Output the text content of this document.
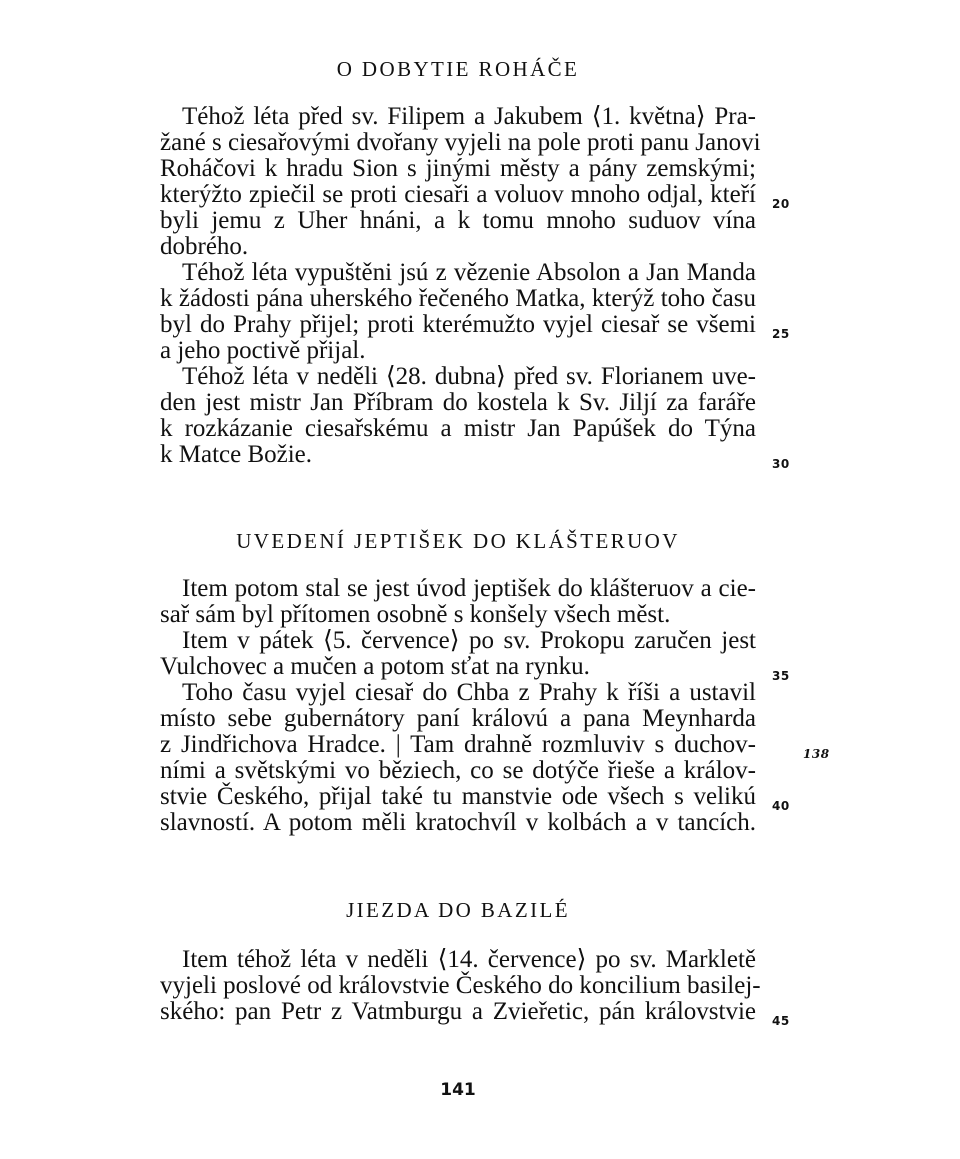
O DOBYTIE ROHÁČE
Téhož léta před sv. Filipem a Jakubem ⟨1. května⟩ Pra-
žané s ciesařovými dvořany vyjeli na pole proti panu Janovi
Roháčovi k hradu Sion s jinými městy a pány zemskými;
kterýžto zpiečil se proti ciesaři a voluov mnoho odjal, kteří
byli jemu z Uher hnáni, a k tomu mnoho suduov vína
dobrého.
Téhož léta vypuštěni jsú z vězenie Absolon a Jan Manda
k žádosti pána uherského řečeného Matka, kterýž toho času
byl do Prahy přijel; proti kterémužto vyjel ciesař se všemi
a jeho poctivě přijal.
Téhož léta v neděli ⟨28. dubna⟩ před sv. Florianem uve-
den jest mistr Jan Příbram do kostela k Sv. Jiljí za faráře
k rozkázanie ciesařskému a mistr Jan Papúšek do Týna
k Matce Božie.
UVEDENÍ JEPTIŠEK DO KLÁŠTERUOV
Item potom stal se jest úvod jeptišek do klášteruov a cie-
sař sám byl přítomen osobně s konšely všech měst.
Item v pátek ⟨5. července⟩ po sv. Prokopu zaručen jest
Vulchovec a mučen a potom sťat na rynku.
Toho času vyjel ciesař do Chba z Prahy k říši a ustavil
místo sebe gubernátory paní královú a pana Meynharda
z Jindřichova Hradce. | Tam drahně rozmluviv s duchov-
ními a světskými vo běziech, co se dotýče řieše a králov-
stvie Českého, přijal také tu manstvie ode všech s velikú
slavností. A potom měli kratochvíl v kolbách a v tancích.
JIEZDA DO BAZILÉ
Item téhož léta v neděli ⟨14. července⟩ po sv. Markletě
vyjeli poslové od královstvie Českého do koncilium basilej-
ského: pan Petr z Vatmburgu a Zvieřetic, pán královstvie
20
25
30
35
138
40
45
141
